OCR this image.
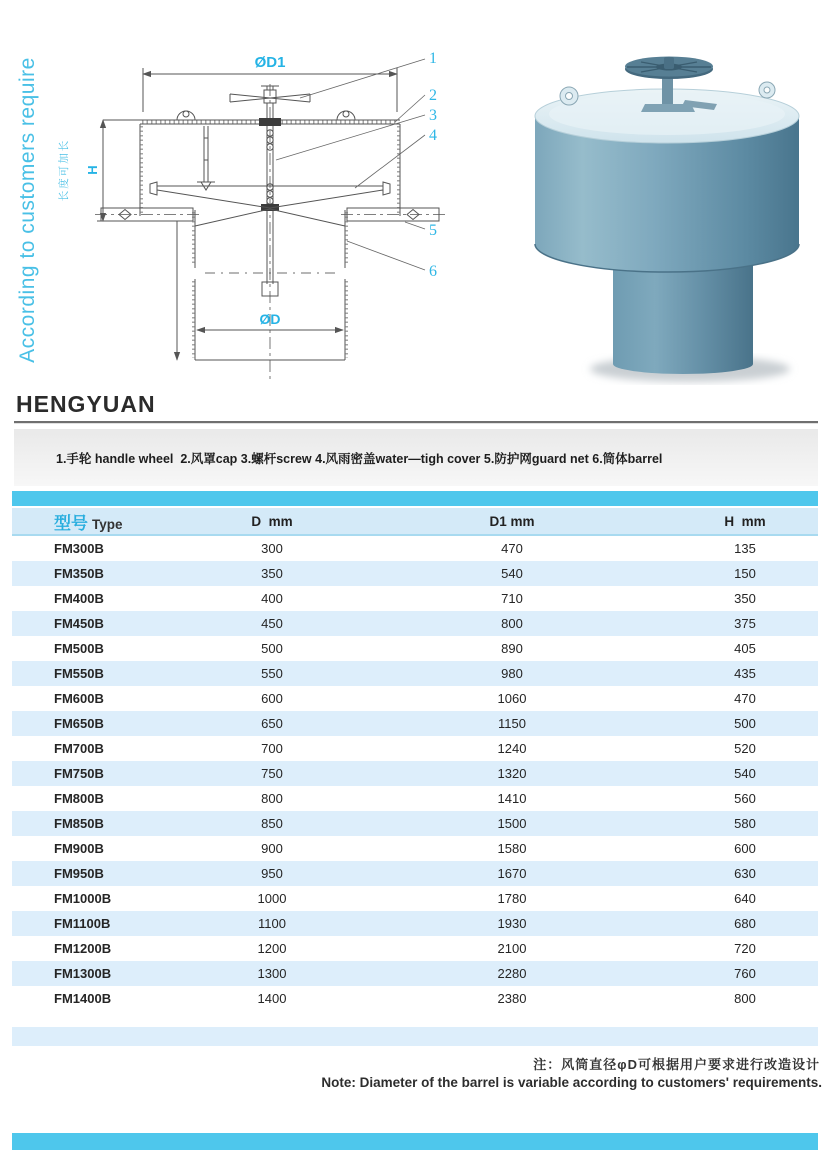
According to customers require	长度可加长
ØD1
ØD
H
1
2
3
4
5
6
HENGYUAN
1.手轮 handle wheel  2.风罩cap 3.螺杆screw 4.风雨密盖water—tigh cover 5.防护网guard net 6.筒体barrel
型号 Type	D  mm	D1 mm	H  mm
FM300B	300	470	135
FM350B	350	540	150
FM400B	400	710	350
FM450B	450	800	375
FM500B	500	890	405
FM550B	550	980	435
FM600B	600	1060	470
FM650B	650	1150	500
FM700B	700	1240	520
FM750B	750	1320	540
FM800B	800	1410	560
FM850B	850	1500	580
FM900B	900	1580	600
FM950B	950	1670	630
FM1000B	1000	1780	640
FM1100B	1100	1930	680
FM1200B	1200	2100	720
FM1300B	1300	2280	760
FM1400B	1400	2380	800
注：风筒直径φD可根据用户要求进行改造设计
Note: Diameter of the barrel is variable according to customers' requirements.
